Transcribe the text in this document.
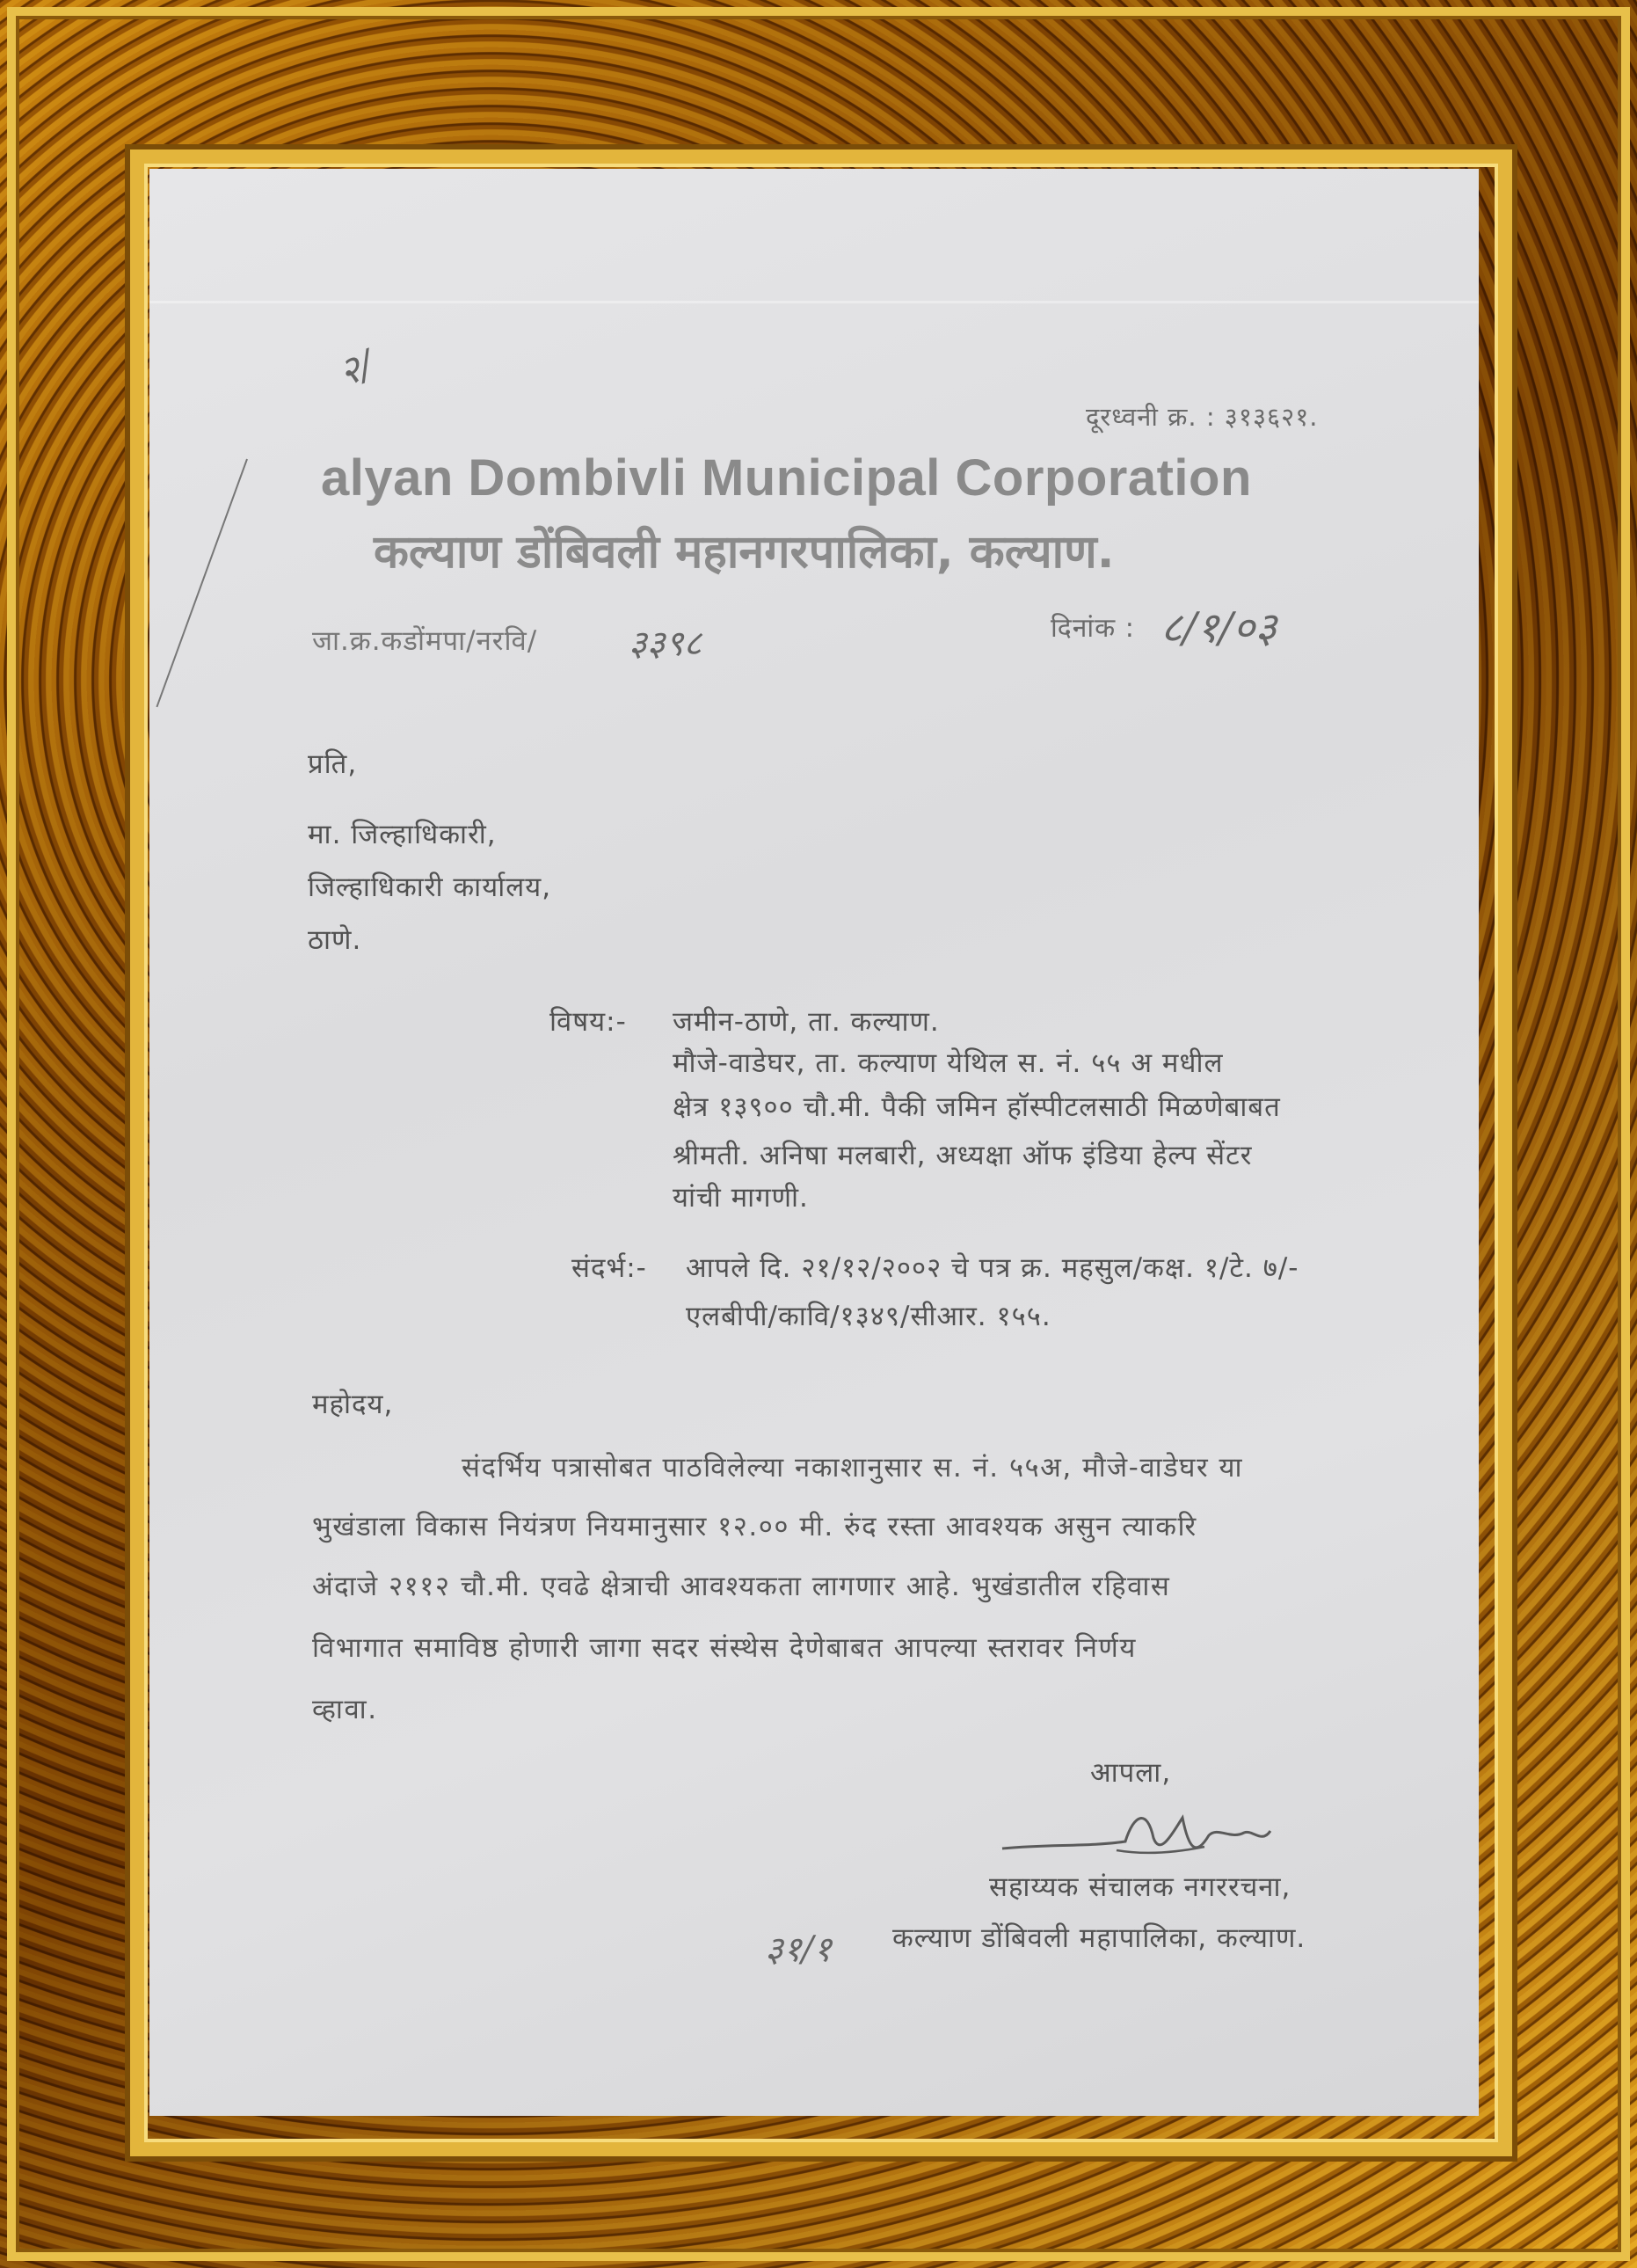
२/
दूरध्वनी क्र. : ३१३६२१.
alyan Dombivli Municipal Corporation
कल्याण डोंबिवली महानगरपालिका, कल्याण.
जा.क्र.कडोंमपा/नरवि/	३३९८	दिनांक : ८/१/०३
प्रति,
मा. जिल्हाधिकारी,
जिल्हाधिकारी कार्यालय,
ठाणे.
विषय:- जमीन-ठाणे, ता. कल्याण.
मौजे-वाडेघर, ता. कल्याण येथिल स. नं. ५५ अ मधील
क्षेत्र १३९०० चौ.मी. पैकी जमिन हॉस्पीटलसाठी मिळणेबाबत
श्रीमती. अनिषा मलबारी, अध्यक्षा ऑफ इंडिया हेल्प सेंटर
यांची मागणी.
संदर्भ:- आपले दि. २१/१२/२००२ चे पत्र क्र. महसुल/कक्ष. १/टे. ७/-
एलबीपी/कावि/१३४९/सीआर. १५५.
महोदय,
संदर्भिय पत्रासोबत पाठविलेल्या नकाशानुसार स. नं. ५५अ, मौजे-वाडेघर या
भुखंडाला विकास नियंत्रण नियमानुसार १२.०० मी. रुंद रस्ता आवश्यक असुन त्याकरि
अंदाजे २११२ चौ.मी. एवढे क्षेत्राची आवश्यकता लागणार आहे. भुखंडातील रहिवास
विभागात समाविष्ठ होणारी जागा सदर संस्थेस देणेबाबत आपल्या स्तरावर निर्णय
व्हावा.
आपला,
सहाय्यक संचालक नगररचना,
३१/१ कल्याण डोंबिवली महापालिका, कल्याण.
